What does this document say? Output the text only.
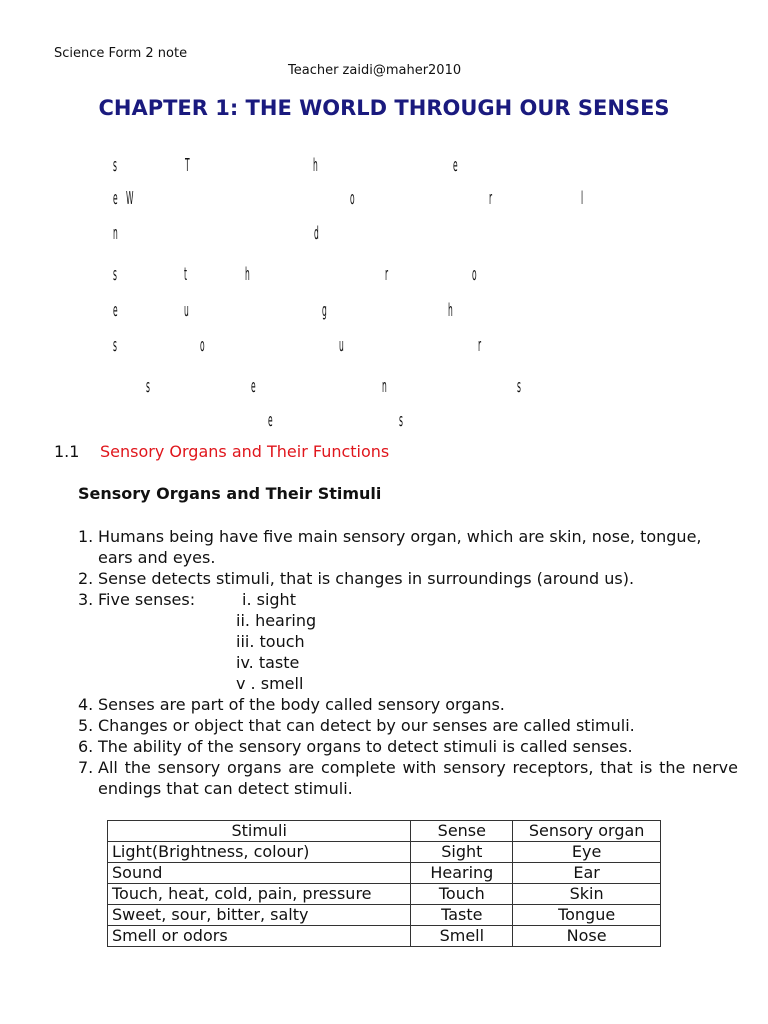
Science Form 2 note
Teacher zaidi@maher2010
CHAPTER 1: THE WORLD THROUGH OUR SENSES
s	T	h	e
e W	o	r	l
n	d
s	t	h	r	o
e	u	g	h
s	o	u	r
s	e	n	s
e	s
1.1 Sensory Organs and Their Functions
Sensory Organs and Their Stimuli
1. Humans being have five main sensory organ, which are skin, nose, tongue, ears and eyes.
2. Sense detects stimuli, that is changes in surroundings (around us).
3. Five senses:	i. sight
ii. hearing
iii. touch
iv. taste
v . smell
4. Senses are part of the body called sensory organs.
5. Changes or object that can detect by our senses are called stimuli.
6. The ability of the sensory organs to detect stimuli is called senses.
7. All the sensory organs are complete with sensory receptors, that is the nerve endings that can detect stimuli.
Stimuli	Sense	Sensory organ
Light(Brightness, colour)	Sight	Eye
Sound	Hearing	Ear
Touch, heat, cold, pain, pressure	Touch	Skin
Sweet, sour, bitter, salty	Taste	Tongue
Smell or odors	Smell	Nose
